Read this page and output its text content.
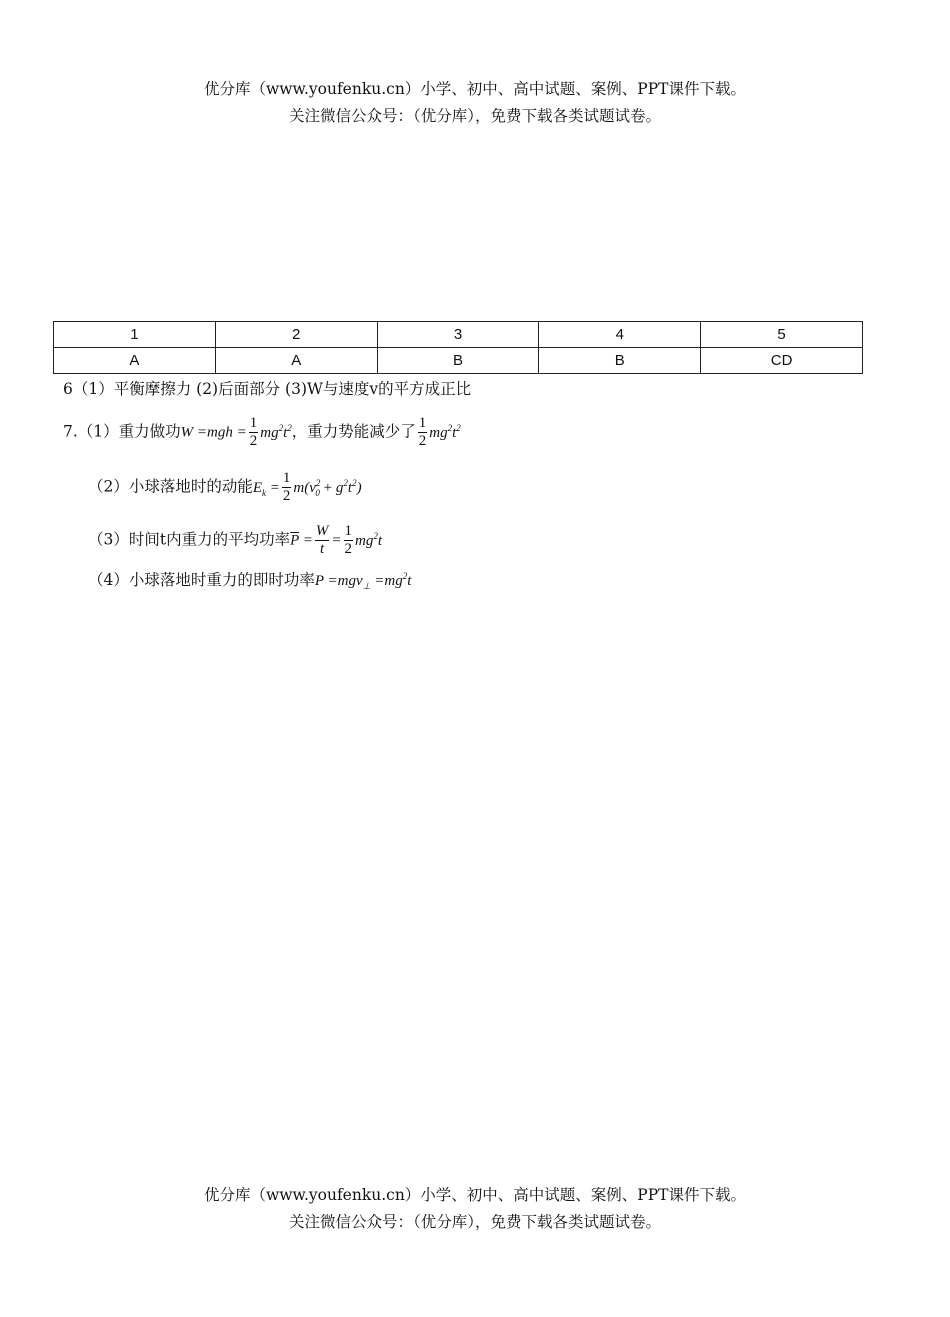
优分库（www.youfenku.cn）小学、初中、高中试题、案例、PPT课件下载。
关注微信公众号：（优分库），免费下载各类试题试卷。
1	2	3	4	5
A	A	B	B	CD
6（1）平衡摩擦力 (2)后面部分 (3)W与速度v的平方成正比
7.（1）重力做功$W =mgh = \frac{1}{2} mg^2t^2$，重力势能减少了 $\frac{1}{2} mg^2t^2$
（2）小球落地时的动能$E_k = \frac{1}{2} m(v^2_0 + g^2t^2)$
（3）时间t内重力的平均功率$\overline{P} = \frac{W}{t} = \frac{1}{2} mg^2t$
（4）小球落地时重力的即时功率$P =mgv_\perp =mg^2t$
优分库（www.youfenku.cn）小学、初中、高中试题、案例、PPT课件下载。
关注微信公众号：（优分库），免费下载各类试题试卷。
